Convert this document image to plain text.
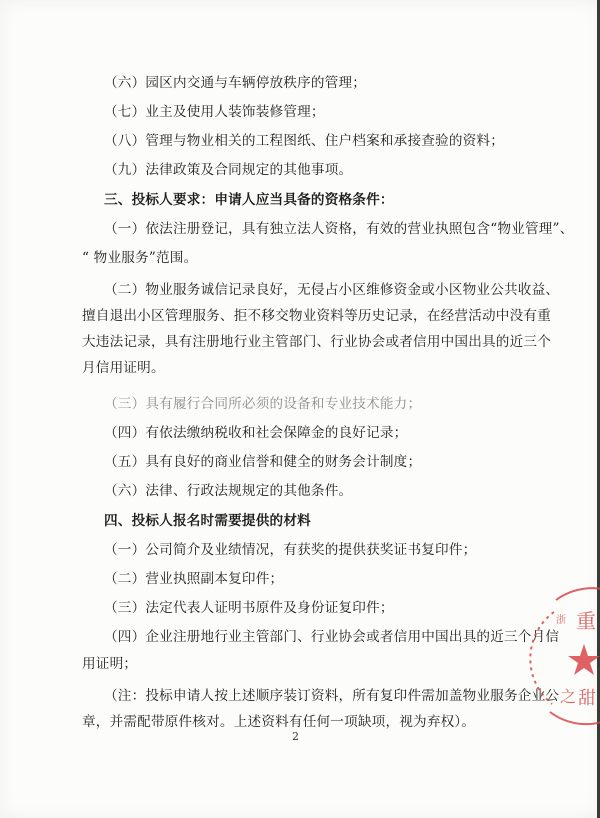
（六）园区内交通与车辆停放秩序的管理；
（七）业主及使用人装饰装修管理；
（八）管理与物业相关的工程图纸、住户档案和承接查验的资料；
（九）法律政策及合同规定的其他事项。
三、投标人要求：申请人应当具备的资格条件：
（一）依法注册登记，具有独立法人资格，有效的营业执照包含“物业管理”、
“ 物业服务”范围。
（二）物业服务诚信记录良好，无侵占小区维修资金或小区物业公共收益、
擅自退出小区管理服务、拒不移交物业资料等历史记录，在经营活动中没有重
大违法记录，具有注册地行业主管部门、行业协会或者信用中国出具的近三个
月信用证明。
（三）具有履行合同所必须的设备和专业技术能力；
（四）有依法缴纳税收和社会保障金的良好记录；
（五）具有良好的商业信誉和健全的财务会计制度；
（六）法律、行政法规规定的其他条件。
四、投标人报名时需要提供的材料
（一）公司简介及业绩情况，有获奖的提供获奖证书复印件；
（二）营业执照副本复印件；
（三）法定代表人证明书原件及身份证复印件；
（四）企业注册地行业主管部门、行业协会或者信用中国出具的近三个月信
用证明；
（注：投标申请人按上述顺序装订资料，所有复印件需加盖物业服务企业公
章，并需配带原件核对。上述资料有任何一项缺项，视为弃权）。
2
浙 重
之 甜
